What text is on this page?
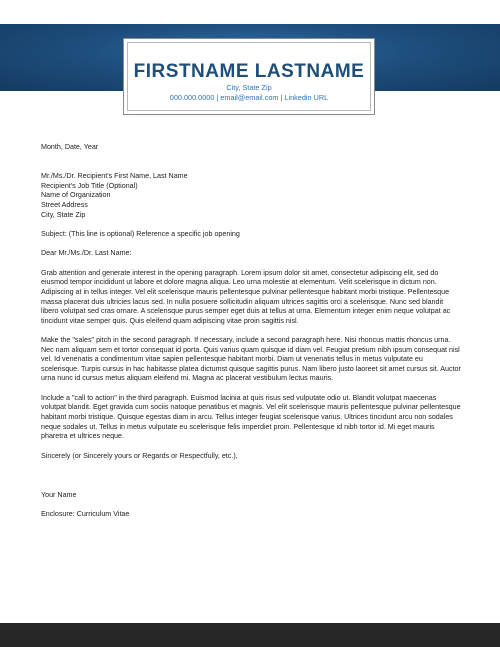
FIRSTNAME LASTNAME
City, State Zip
000.000.0000 | email@email.com | Linkedin URL

Month, Date, Year

Mr./Ms./Dr. Recipient's First Name, Last Name
Recipient's Job Title (Optional)
Name of Organization
Street Address
City, State Zip

Subject: (This line is optional) Reference a specific job opening

Dear Mr./Ms./Dr. Last Name:

Grab attention and generate interest in the opening paragraph. Lorem ipsum dolor sit amet, consectetur adipiscing elit, sed do eiusmod tempor incididunt ut labore et dolore magna aliqua. Leo urna molestie at elementum. Velit scelerisque in dictum non. Adipiscing at in tellus integer. Vel elit scelerisque mauris pellentesque pulvinar pellentesque habitant morbi tristique. Pellentesque massa placerat duis ultricies lacus sed. In nulla posuere sollicitudin aliquam ultrices sagittis orci a scelerisque. Nunc sed blandit libero volutpat sed cras ornare. A scelerisque purus semper eget duis at tellus at urna. Elementum integer enim neque volutpat ac tincidunt vitae semper quis. Quis eleifend quam adipiscing vitae proin sagittis nisl.

Make the "sales" pitch in the second paragraph. If necessary, include a second paragraph here. Nisi rhoncus mattis rhoncus urna. Nec nam aliquam sem et tortor consequat id porta. Quis varius quam quisque id diam vel. Feugiat pretium nibh ipsum consequat nisl vel. Id venenatis a condimentum vitae sapien pellentesque habitant morbi. Diam ut venenatis tellus in metus vulputate eu scelerisque. Turpis cursus in hac habitasse platea dictumst quisque sagittis purus. Nam libero justo laoreet sit amet cursus sit. Auctor urna nunc id cursus metus aliquam eleifend mi. Magna ac placerat vestibulum lectus mauris.

Include a "call to action" in the third paragraph. Euismod lacinia at quis risus sed vulputate odio ut. Blandit volutpat maecenas volutpat blandit. Eget gravida cum sociis natoque penatibus et magnis. Vel elit scelerisque mauris pellentesque pulvinar pellentesque habitant morbi tristique. Quisque egestas diam in arcu. Tellus integer feugiat scelerisque varius. Ultrices tincidunt arcu non sodales neque sodales ut. Tellus in metus vulputate eu scelerisque felis imperdiet proin. Pellentesque id nibh tortor id. Mi eget mauris pharetra et ultrices neque.

Sincerely (or Sincerely yours or Regards or Respectfully, etc.),

Your Name

Enclosure: Curriculum Vitae
